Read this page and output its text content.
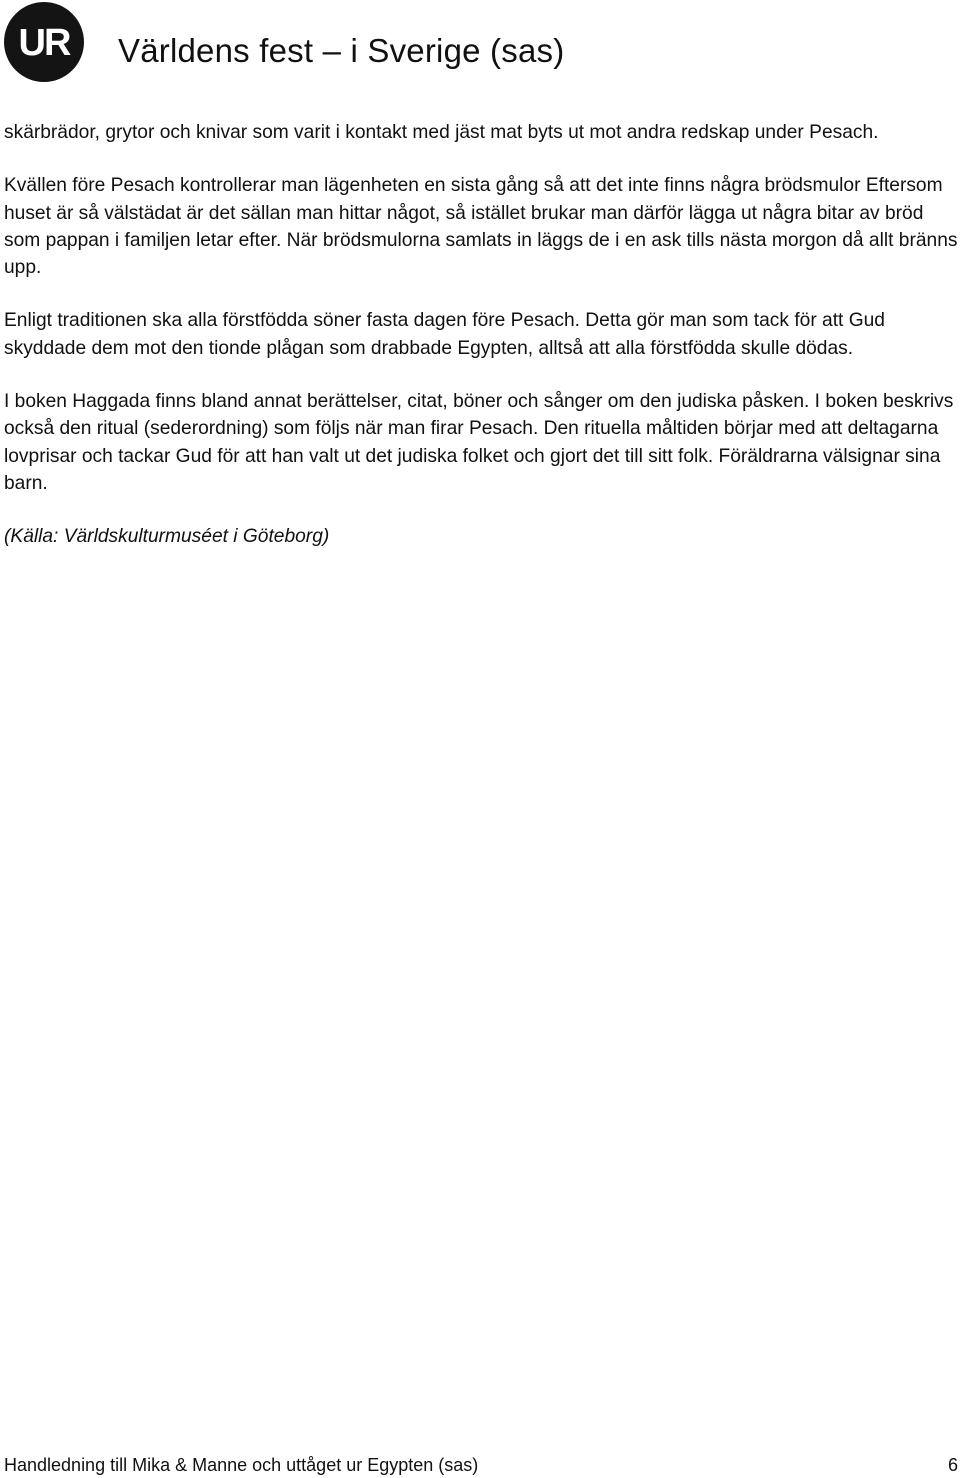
UR Världens fest – i Sverige (sas)

skärbrädor, grytor och knivar som varit i kontakt med jäst mat byts ut mot andra redskap under Pesach.

Kvällen före Pesach kontrollerar man lägenheten en sista gång så att det inte finns några brödsmulor Eftersom huset är så välstädat är det sällan man hittar något, så istället brukar man därför lägga ut några bitar av bröd som pappan i familjen letar efter. När brödsmulorna samlats in läggs de i en ask tills nästa morgon då allt bränns upp.

Enligt traditionen ska alla förstfödda söner fasta dagen före Pesach. Detta gör man som tack för att Gud skyddade dem mot den tionde plågan som drabbade Egypten, alltså att alla förstfödda skulle dödas.

I boken Haggada finns bland annat berättelser, citat, böner och sånger om den judiska påsken. I boken beskrivs också den ritual (sederordning) som följs när man firar Pesach. Den rituella måltiden börjar med att deltagarna lovprisar och tackar Gud för att han valt ut det judiska folket och gjort det till sitt folk. Föräldrarna välsignar sina barn.

(Källa: Världskulturmuséet i Göteborg)

Handledning till Mika & Manne och uttåget ur Egypten (sas)	6
